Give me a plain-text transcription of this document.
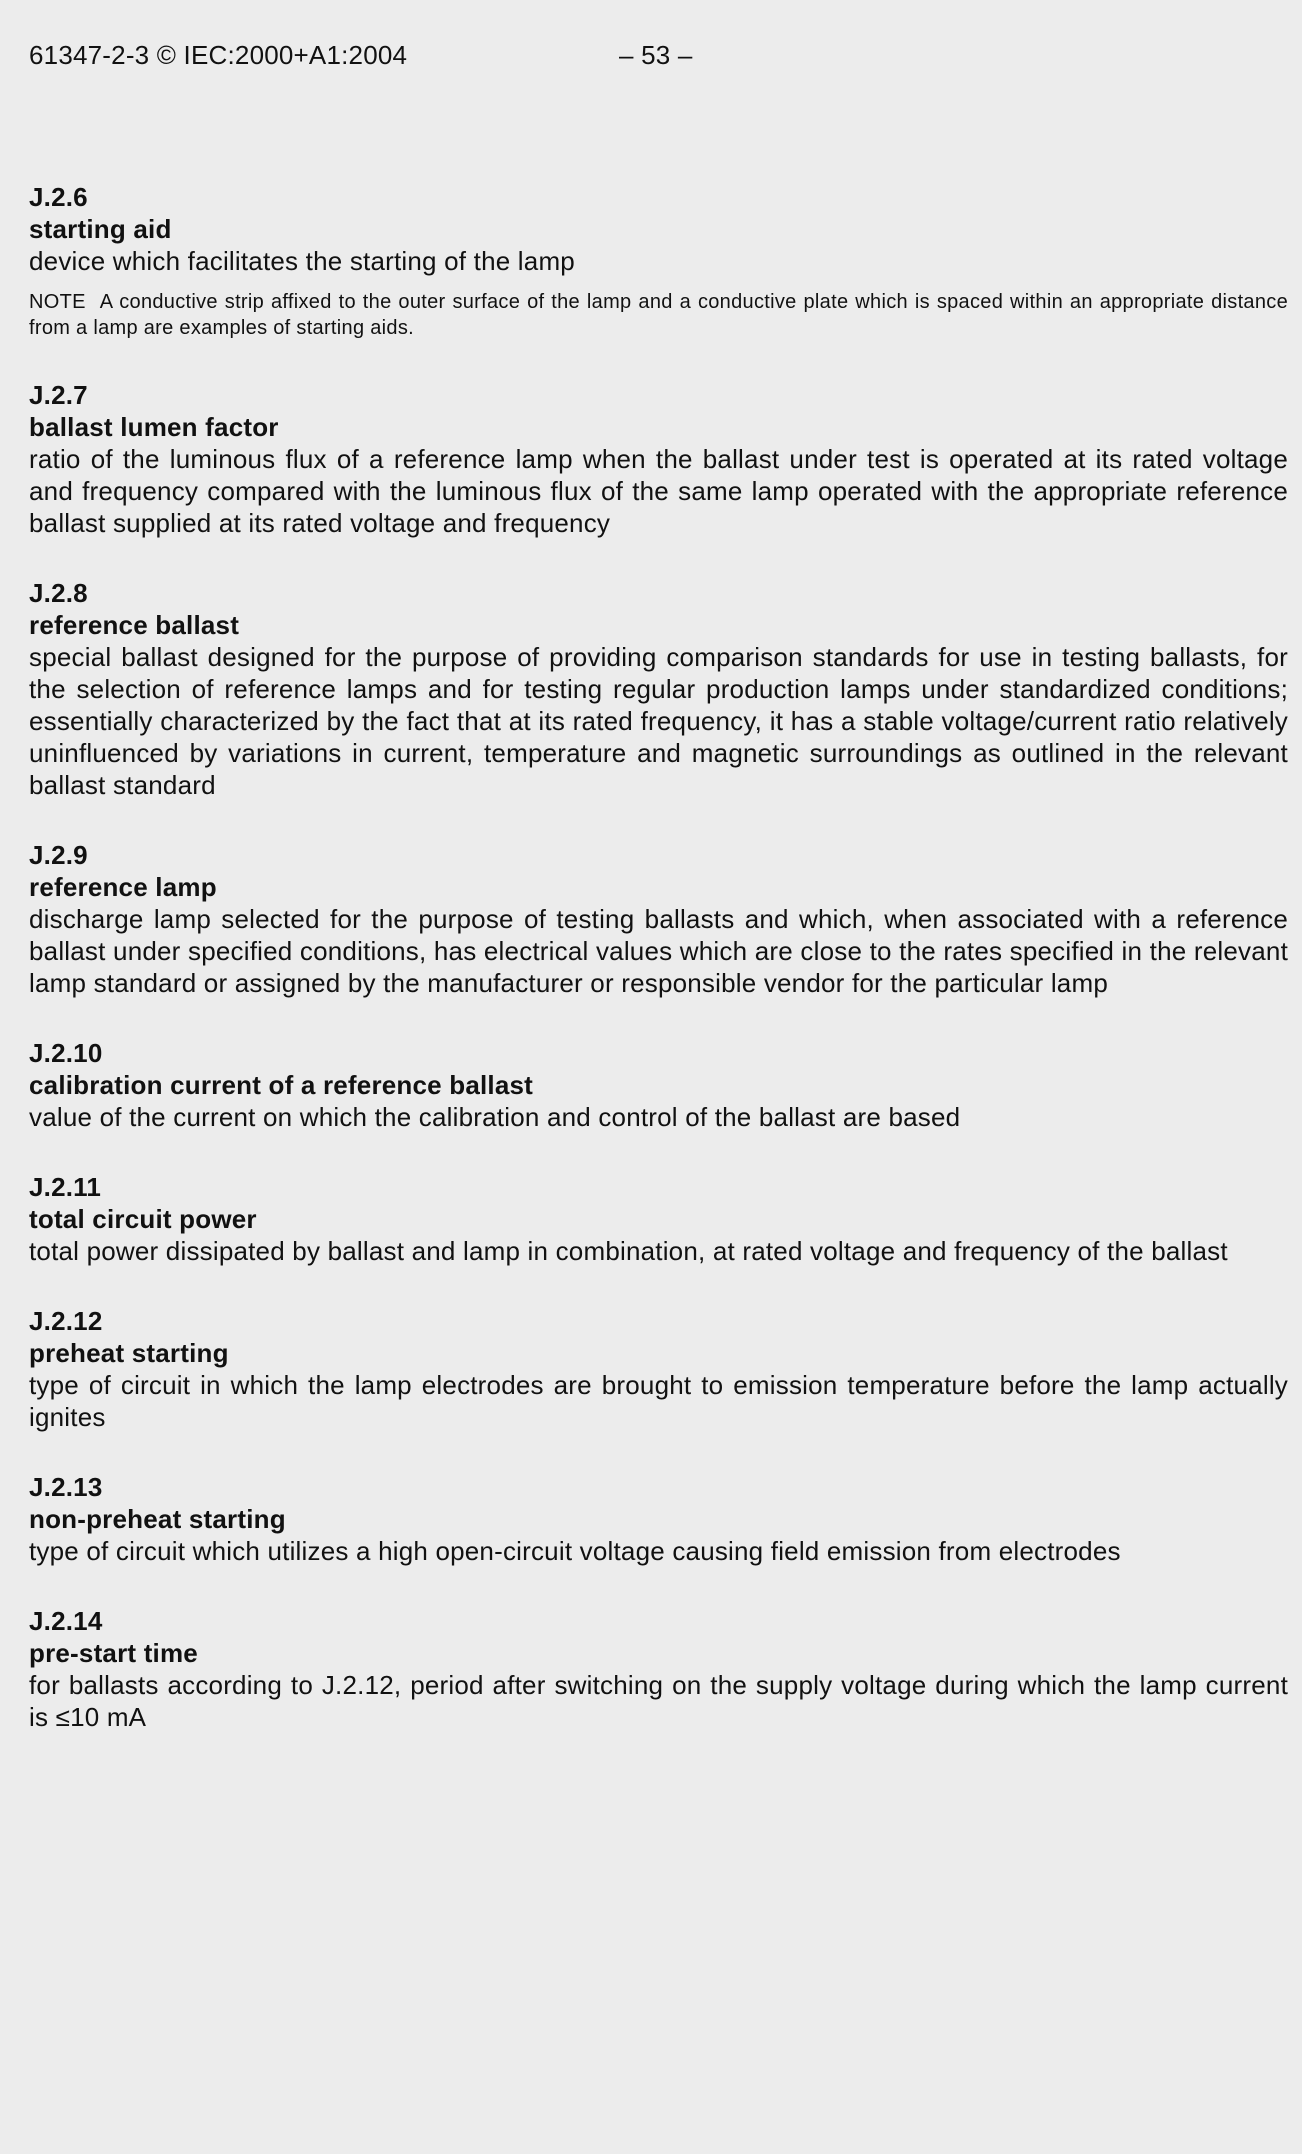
61347-2-3 © IEC:2000+A1:2004	– 53 –
J.2.6
starting aid
device which facilitates the starting of the lamp
NOTE A conductive strip affixed to the outer surface of the lamp and a conductive plate which is spaced within an appropriate distance from a lamp are examples of starting aids.
J.2.7
ballast lumen factor
ratio of the luminous flux of a reference lamp when the ballast under test is operated at its rated voltage and frequency compared with the luminous flux of the same lamp operated with the appropriate reference ballast supplied at its rated voltage and frequency
J.2.8
reference ballast
special ballast designed for the purpose of providing comparison standards for use in testing ballasts, for the selection of reference lamps and for testing regular production lamps under standardized conditions; essentially characterized by the fact that at its rated frequency, it has a stable voltage/current ratio relatively uninfluenced by variations in current, temperature and magnetic surroundings as outlined in the relevant ballast standard
J.2.9
reference lamp
discharge lamp selected for the purpose of testing ballasts and which, when associated with a reference ballast under specified conditions, has electrical values which are close to the rates specified in the relevant lamp standard or assigned by the manufacturer or responsible vendor for the particular lamp
J.2.10
calibration current of a reference ballast
value of the current on which the calibration and control of the ballast are based
J.2.11
total circuit power
total power dissipated by ballast and lamp in combination, at rated voltage and frequency of the ballast
J.2.12
preheat starting
type of circuit in which the lamp electrodes are brought to emission temperature before the lamp actually ignites
J.2.13
non-preheat starting
type of circuit which utilizes a high open-circuit voltage causing field emission from electrodes
J.2.14
pre-start time
for ballasts according to J.2.12, period after switching on the supply voltage during which the lamp current is ≤10 mA
